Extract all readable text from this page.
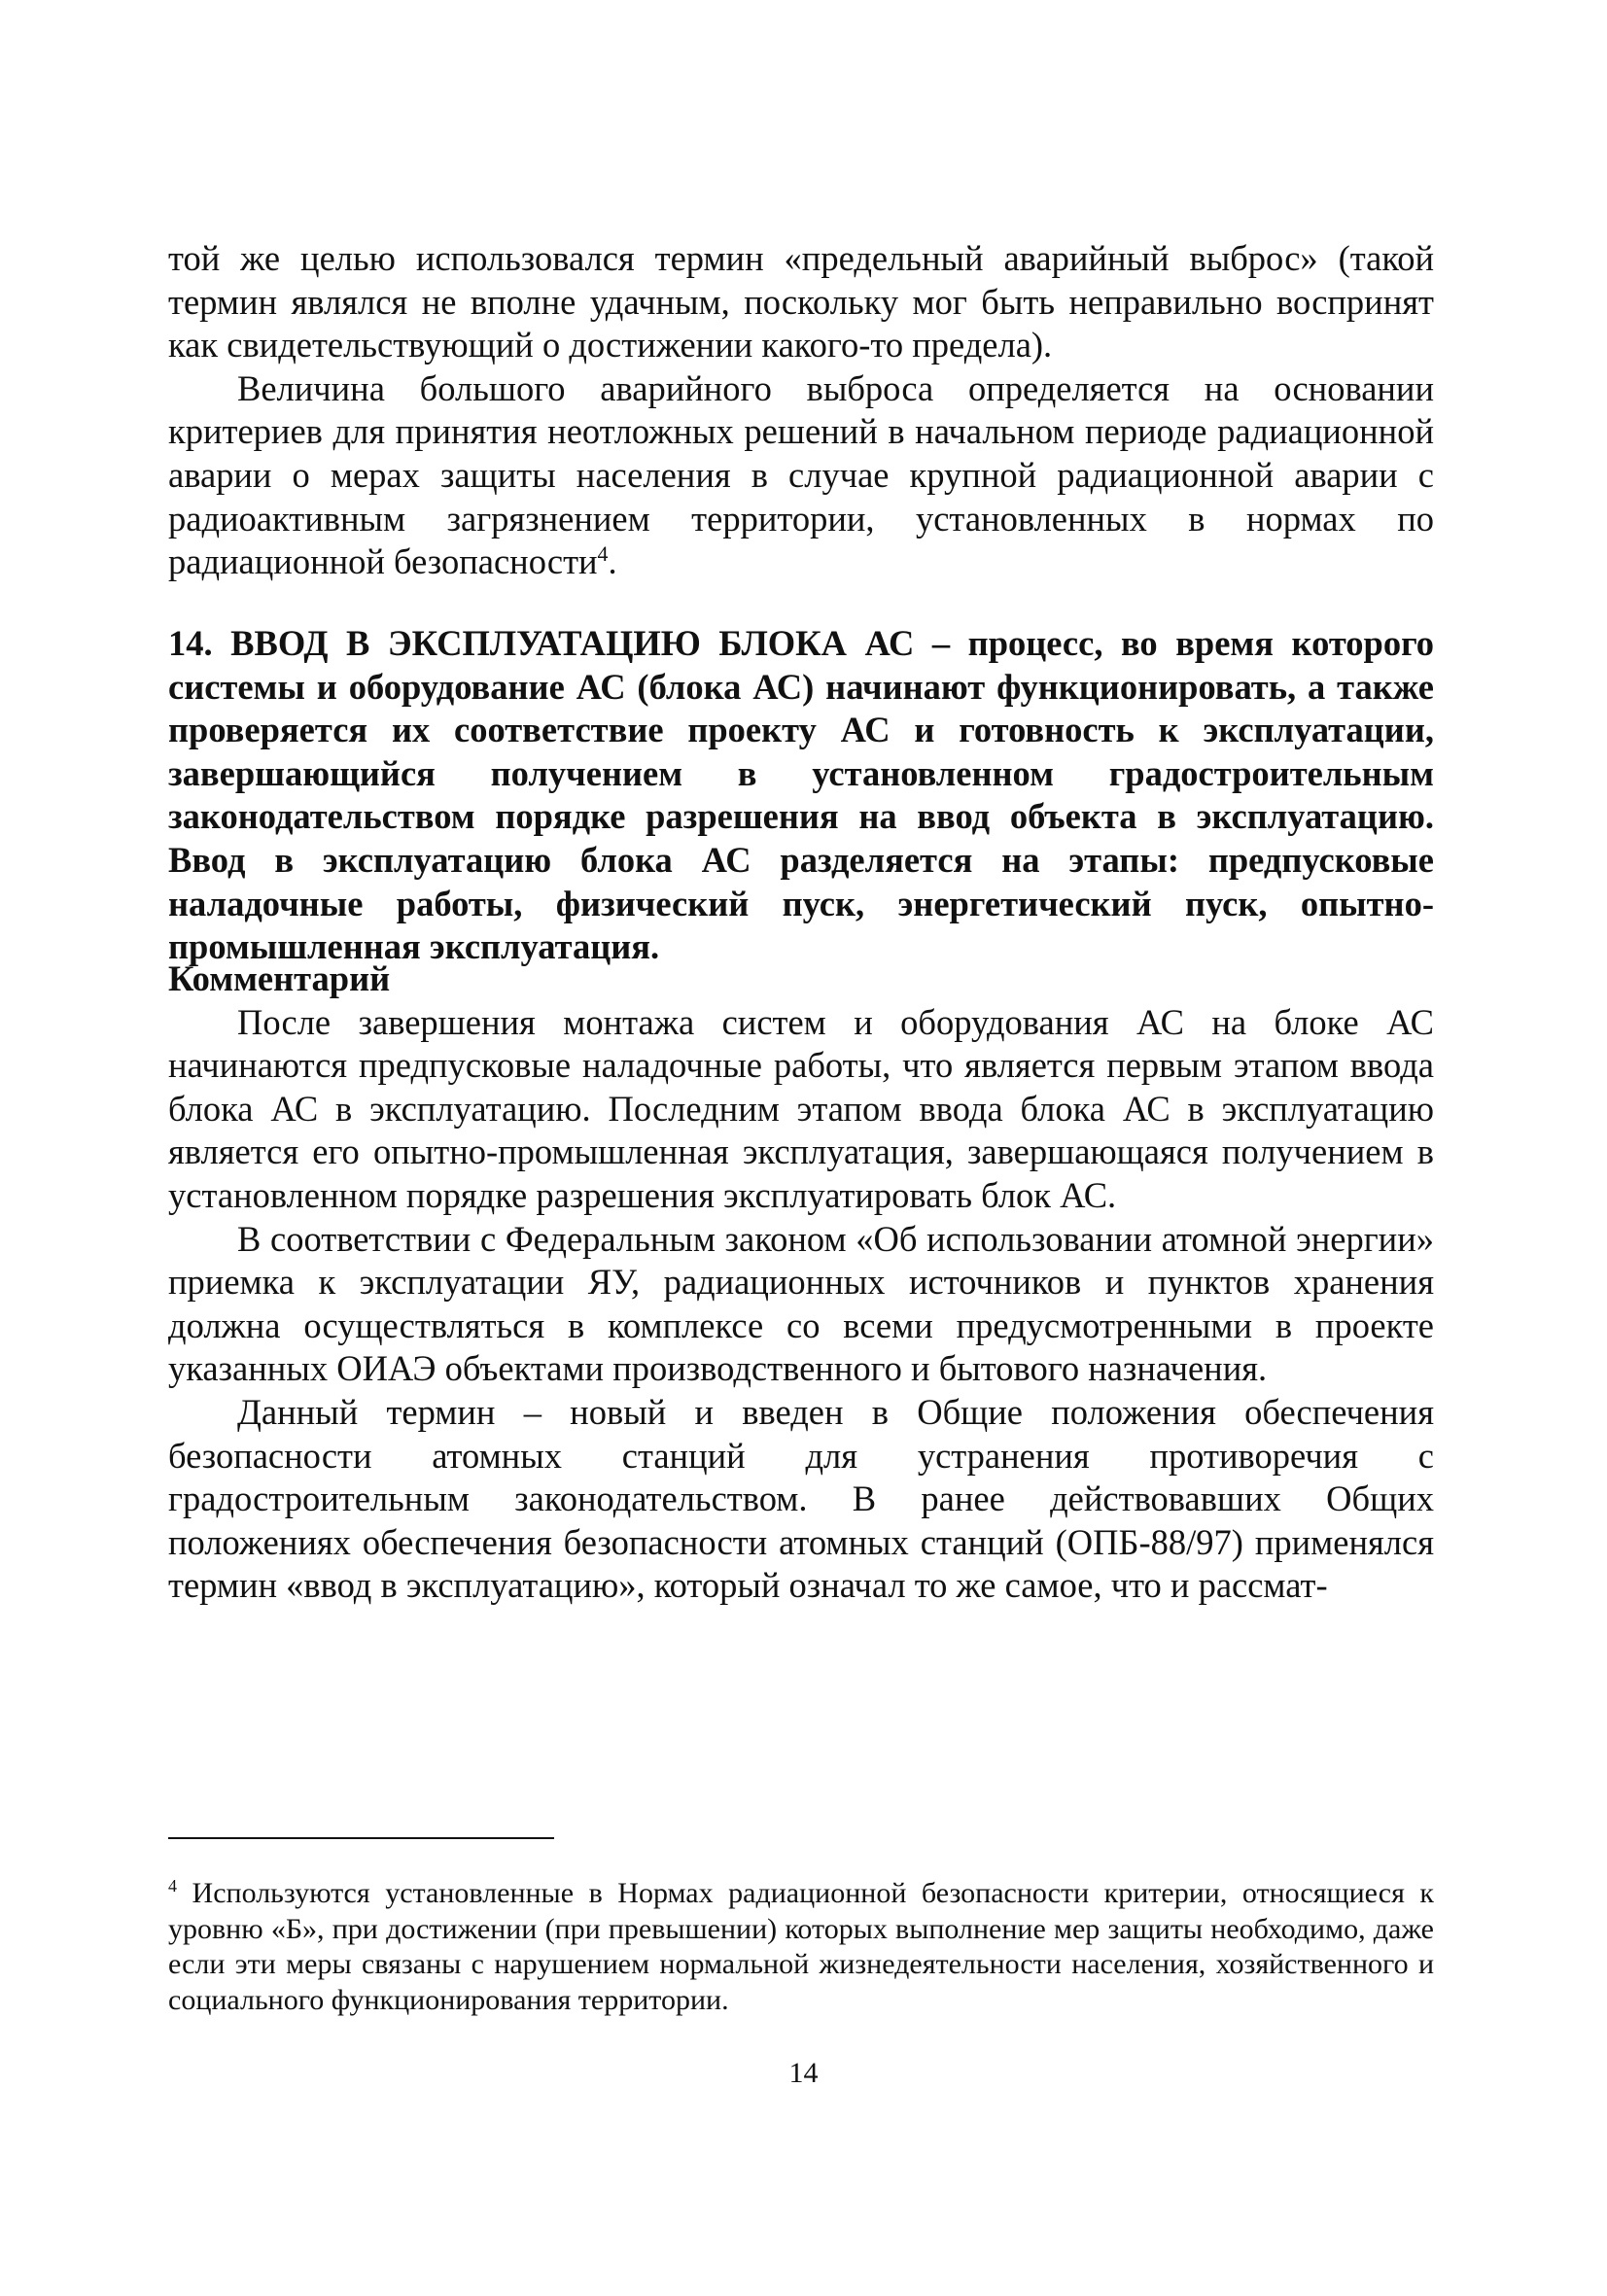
той же целью использовался термин «предельный аварийный выброс» (такой термин являлся не вполне удачным, поскольку мог быть неправильно воспринят как свидетельствующий о достижении какого-то предела).

Величина большого аварийного выброса определяется на основании критериев для принятия неотложных решений в начальном периоде радиационной аварии о мерах защиты населения в случае крупной радиационной аварии с радиоактивным загрязнением территории, установленных в нормах по радиационной безопасности$^4$.

14. ВВОД В ЭКСПЛУАТАЦИЮ БЛОКА АС – процесс, во время которого системы и оборудование АС (блока АС) начинают функционировать, а также проверяется их соответствие проекту АС и готовность к эксплуатации, завершающийся получением в установленном градостроительным законодательством порядке разрешения на ввод объекта в эксплуатацию. Ввод в эксплуатацию блока АС разделяется на этапы: предпусковые наладочные работы, физический пуск, энергетический пуск, опытно-промышленная эксплуатация.

Комментарий

После завершения монтажа систем и оборудования АС на блоке АС начинаются предпусковые наладочные работы, что является первым этапом ввода блока АС в эксплуатацию. Последним этапом ввода блока АС в эксплуатацию является его опытно-промышленная эксплуатация, завершающаяся получением в установленном порядке разрешения эксплуатировать блок АС.

В соответствии с Федеральным законом «Об использовании атомной энергии» приемка к эксплуатации ЯУ, радиационных источников и пунктов хранения должна осуществляться в комплексе со всеми предусмотренными в проекте указанных ОИАЭ объектами производственного и бытового назначения.

Данный термин – новый и введен в Общие положения обеспечения безопасности атомных станций для устранения противоречия с градостроительным законодательством. В ранее действовавших Общих положениях обеспечения безопасности атомных станций (ОПБ-88/97) применялся термин «ввод в эксплуатацию», который означал то же самое, что и рассмат-

$^4$ Используются установленные в Нормах радиационной безопасности критерии, относящиеся к уровню «Б», при достижении (при превышении) которых выполнение мер защиты необходимо, даже если эти меры связаны с нарушением нормальной жизнедеятельности населения, хозяйственного и социального функционирования территории.

14
